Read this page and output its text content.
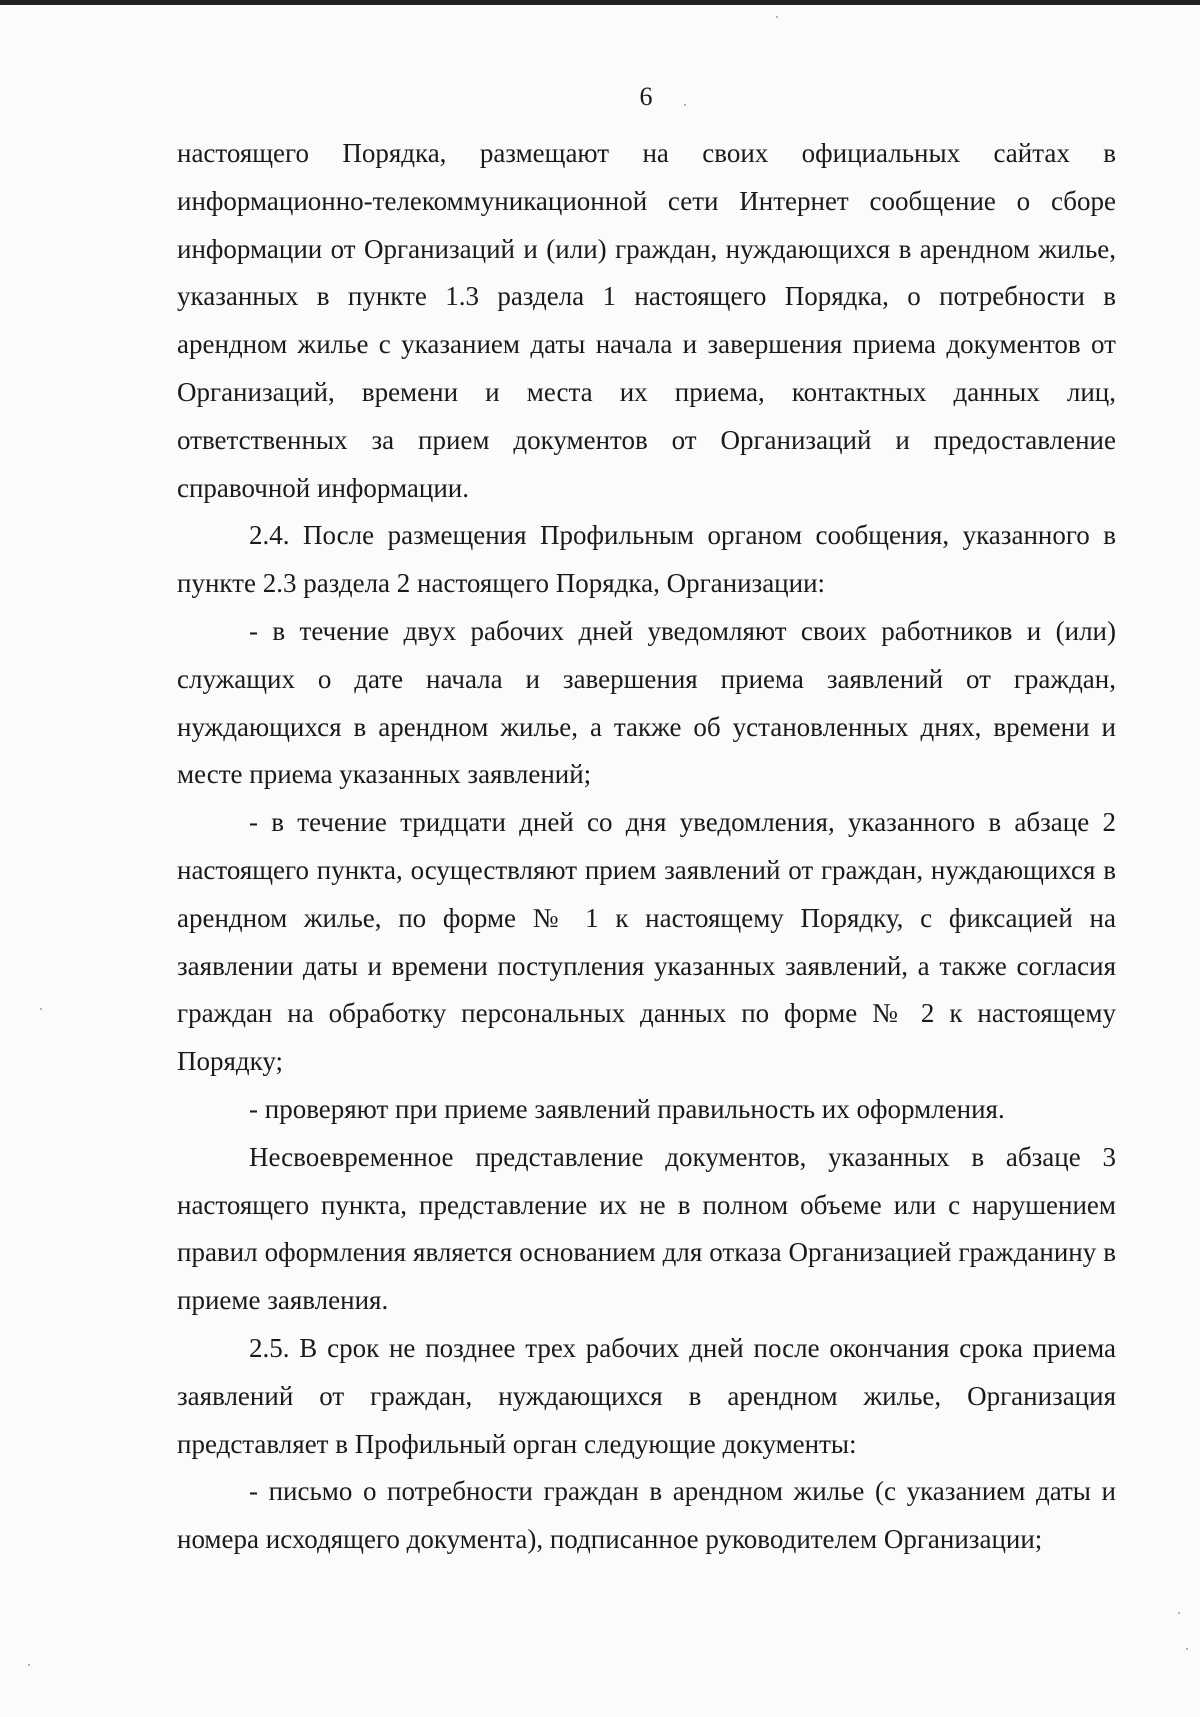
6

настоящего Порядка, размещают на своих официальных сайтах в информационно-телекоммуникационной сети Интернет сообщение о сборе информации от Организаций и (или) граждан, нуждающихся в арендном жилье, указанных в пункте 1.3 раздела 1 настоящего Порядка, о потребности в арендном жилье с указанием даты начала и завершения приема документов от Организаций, времени и места их приема, контактных данных лиц, ответственных за прием документов от Организаций и предоставление справочной информации.

2.4. После размещения Профильным органом сообщения, указанного в пункте 2.3 раздела 2 настоящего Порядка, Организации:

- в течение двух рабочих дней уведомляют своих работников и (или) служащих о дате начала и завершения приема заявлений от граждан, нуждающихся в арендном жилье, а также об установленных днях, времени и месте приема указанных заявлений;

- в течение тридцати дней со дня уведомления, указанного в абзаце 2 настоящего пункта, осуществляют прием заявлений от граждан, нуждающихся в арендном жилье, по форме № 1 к настоящему Порядку, с фиксацией на заявлении даты и времени поступления указанных заявлений, а также согласия граждан на обработку персональных данных по форме № 2 к настоящему Порядку;

- проверяют при приеме заявлений правильность их оформления.

Несвоевременное представление документов, указанных в абзаце 3 настоящего пункта, представление их не в полном объеме или с нарушением правил оформления является основанием для отказа Организацией гражданину в приеме заявления.

2.5. В срок не позднее трех рабочих дней после окончания срока приема заявлений от граждан, нуждающихся в арендном жилье, Организация представляет в Профильный орган следующие документы:

- письмо о потребности граждан в арендном жилье (с указанием даты и номера исходящего документа), подписанное руководителем Организации;
